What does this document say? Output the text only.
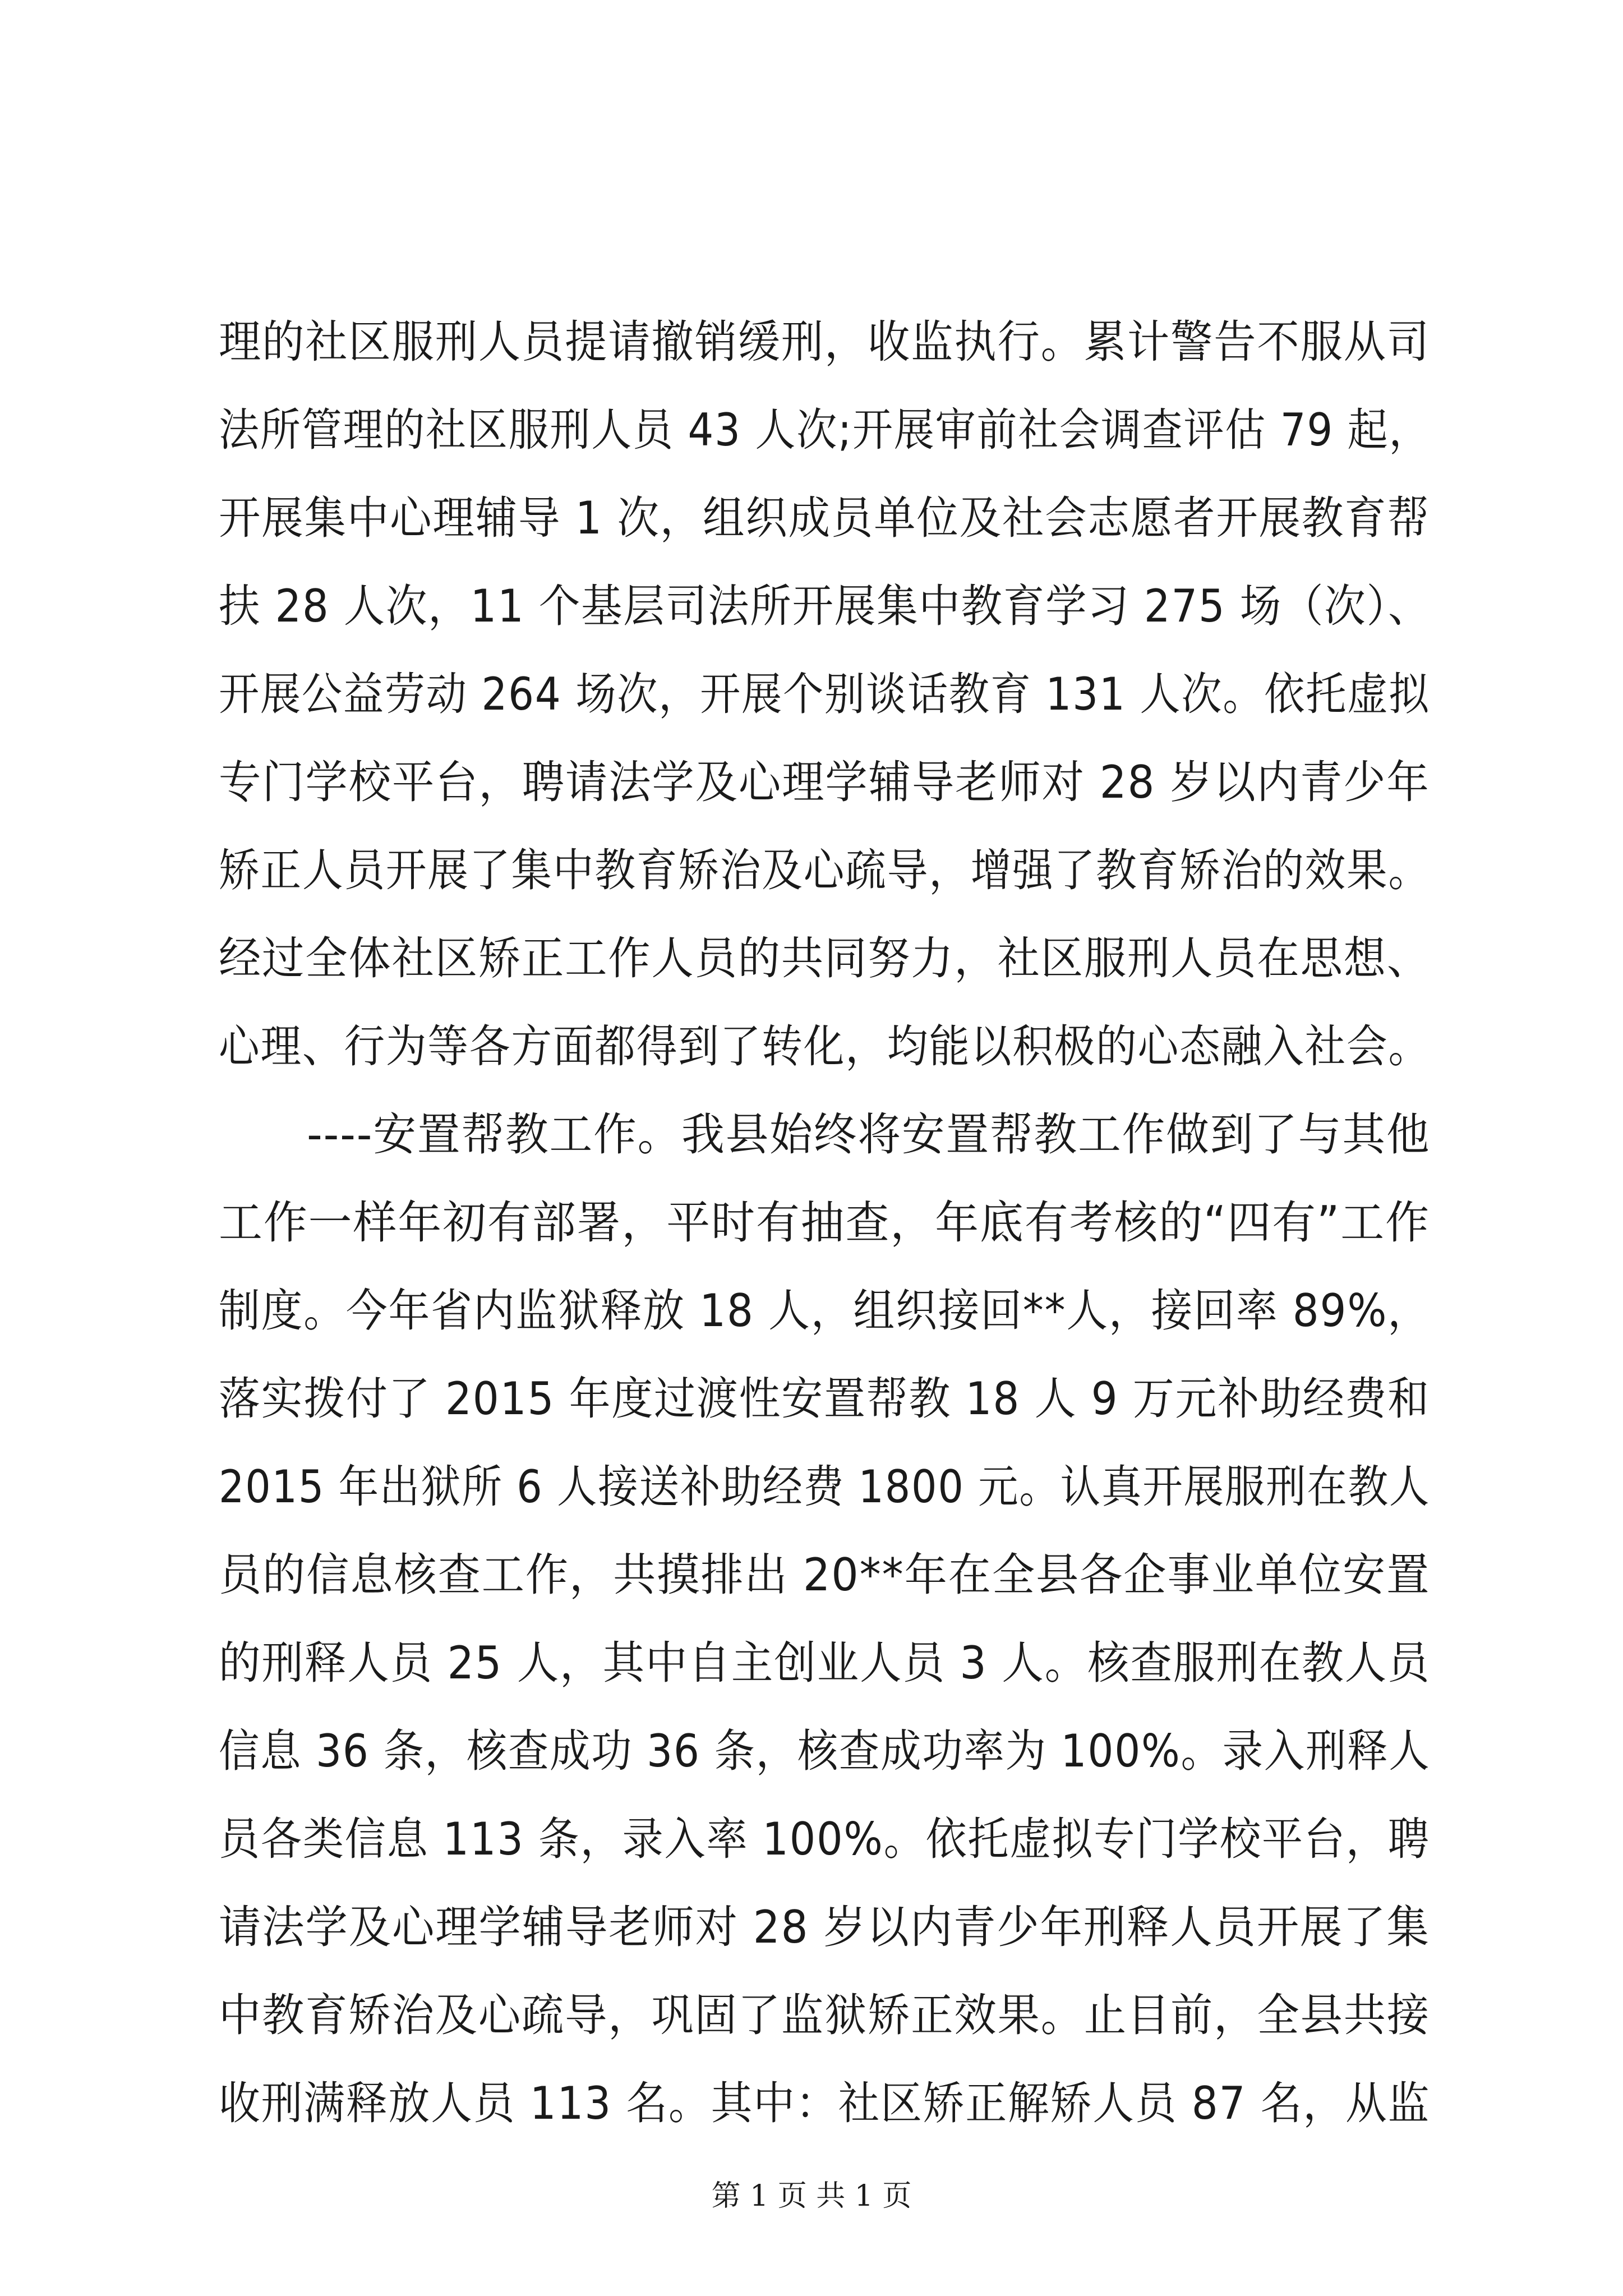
理的社区服刑人员提请撤销缓刑，收监执行。累计警告不服从司
法所管理的社区服刑人员 43 人次;开展审前社会调查评估 79 起，
开展集中心理辅导 1 次，组织成员单位及社会志愿者开展教育帮
扶 28 人次，11 个基层司法所开展集中教育学习 275 场（次）、
开展公益劳动 264 场次，开展个别谈话教育 131 人次。依托虚拟
专门学校平台，聘请法学及心理学辅导老师对 28 岁以内青少年
矫正人员开展了集中教育矫治及心疏导，增强了教育矫治的效果。
经过全体社区矫正工作人员的共同努力，社区服刑人员在思想、
心理、行为等各方面都得到了转化，均能以积极的心态融入社会。
　　----安置帮教工作。我县始终将安置帮教工作做到了与其他
工作一样年初有部署，平时有抽查，年底有考核的“四有”工作
制度。今年省内监狱释放 18 人，组织接回**人，接回率 89%，
落实拨付了 2015 年度过渡性安置帮教 18 人 9 万元补助经费和
2015 年出狱所 6 人接送补助经费 1800 元。认真开展服刑在教人
员的信息核查工作，共摸排出 20**年在全县各企事业单位安置
的刑释人员 25 人，其中自主创业人员 3 人。核查服刑在教人员
信息 36 条，核查成功 36 条，核查成功率为 100%。录入刑释人
员各类信息 113 条，录入率 100%。依托虚拟专门学校平台，聘
请法学及心理学辅导老师对 28 岁以内青少年刑释人员开展了集
中教育矫治及心疏导，巩固了监狱矫正效果。止目前，全县共接
收刑满释放人员 113 名。其中：社区矫正解矫人员 87 名，从监
第 1 页 共 1 页
